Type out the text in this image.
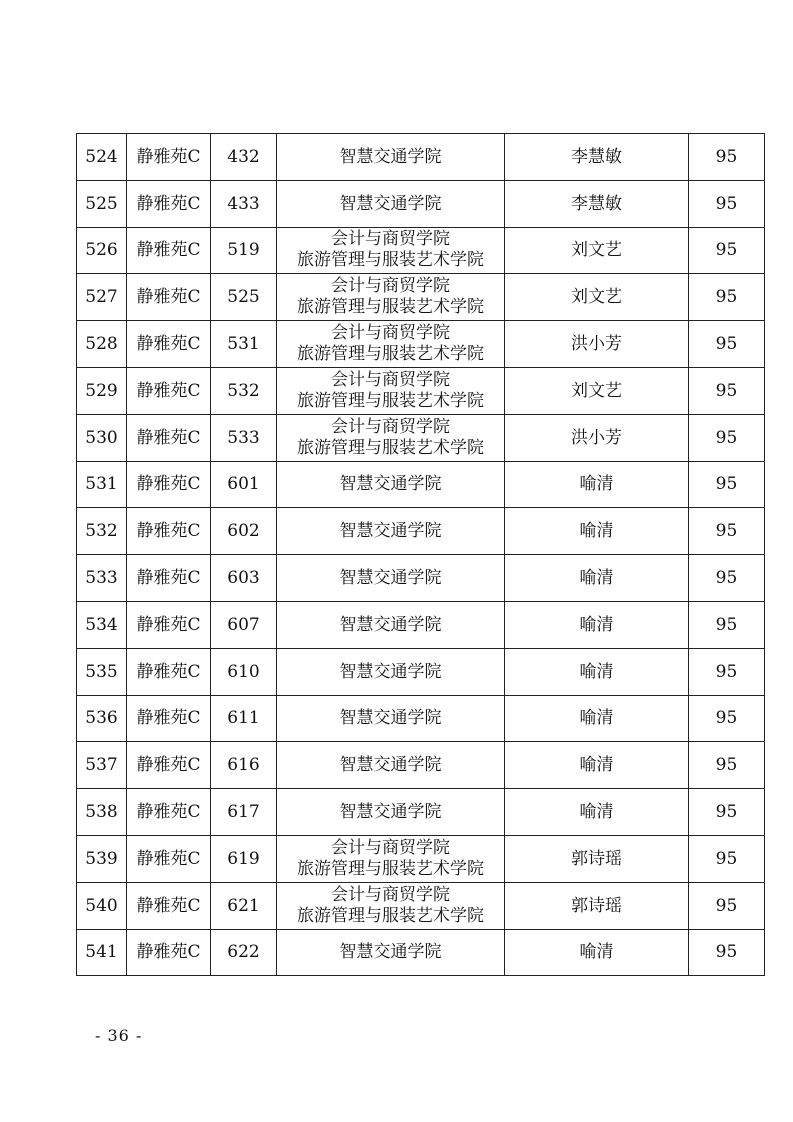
524	静雅苑C	432	智慧交通学院	李慧敏	95
525	静雅苑C	433	智慧交通学院	李慧敏	95
526	静雅苑C	519	会计与商贸学院
旅游管理与服装艺术学院	刘文艺	95
527	静雅苑C	525	会计与商贸学院
旅游管理与服装艺术学院	刘文艺	95
528	静雅苑C	531	会计与商贸学院
旅游管理与服装艺术学院	洪小芳	95
529	静雅苑C	532	会计与商贸学院
旅游管理与服装艺术学院	刘文艺	95
530	静雅苑C	533	会计与商贸学院
旅游管理与服装艺术学院	洪小芳	95
531	静雅苑C	601	智慧交通学院	喻清	95
532	静雅苑C	602	智慧交通学院	喻清	95
533	静雅苑C	603	智慧交通学院	喻清	95
534	静雅苑C	607	智慧交通学院	喻清	95
535	静雅苑C	610	智慧交通学院	喻清	95
536	静雅苑C	611	智慧交通学院	喻清	95
537	静雅苑C	616	智慧交通学院	喻清	95
538	静雅苑C	617	智慧交通学院	喻清	95
539	静雅苑C	619	会计与商贸学院
旅游管理与服装艺术学院	郭诗瑶	95
540	静雅苑C	621	会计与商贸学院
旅游管理与服装艺术学院	郭诗瑶	95
541	静雅苑C	622	智慧交通学院	喻清	95
- 36 -
